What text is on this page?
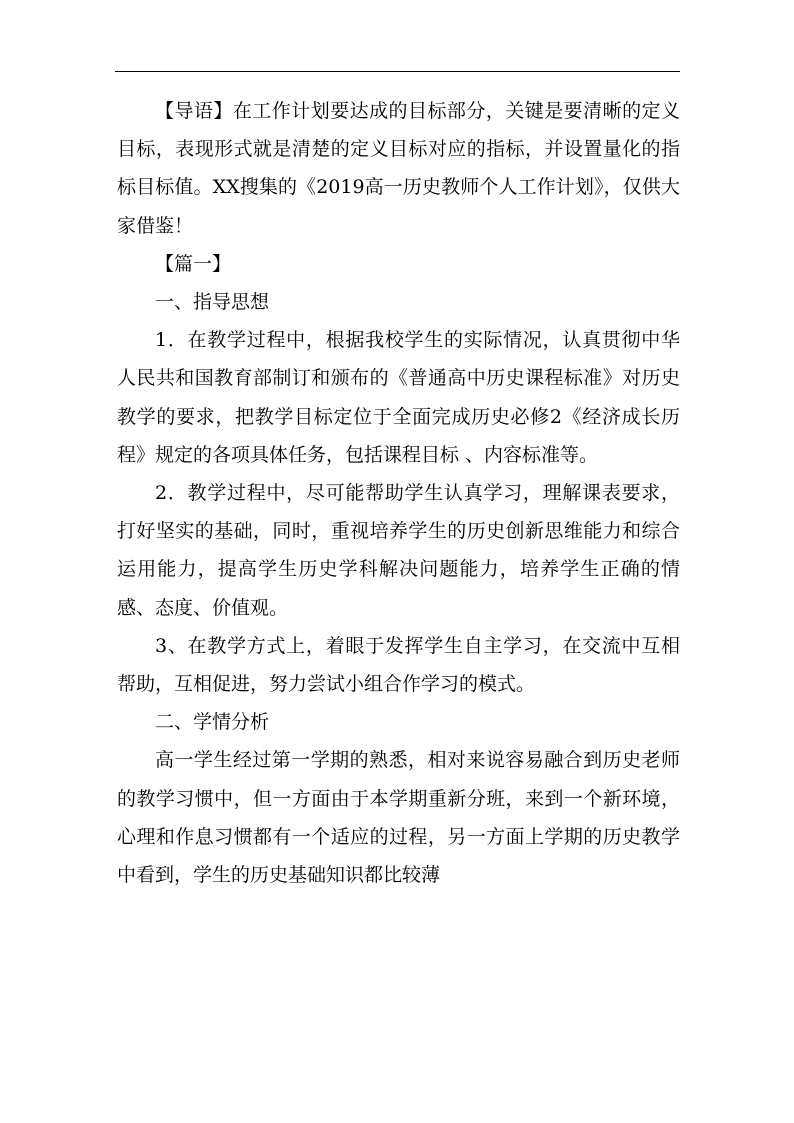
【导语】在工作计划要达成的目标部分，关键是要清晰的定义目标，表现形式就是清楚的定义目标对应的指标，并设置量化的指标目标值。XX搜集的《2019高一历史教师个人工作计划》，仅供大家借鉴！

【篇一】

一、指导思想

1．在教学过程中，根据我校学生的实际情况，认真贯彻中华人民共和国教育部制订和颁布的《普通高中历史课程标准》对历史教学的要求，把教学目标定位于全面完成历史必修2《经济成长历程》规定的各项具体任务，包括课程目标 、内容标准等。

2．教学过程中，尽可能帮助学生认真学习，理解课表要求，打好坚实的基础，同时，重视培养学生的历史创新思维能力和综合运用能力，提高学生历史学科解决问题能力，培养学生正确的情感、态度、价值观。

3、在教学方式上，着眼于发挥学生自主学习，在交流中互相帮助，互相促进，努力尝试小组合作学习的模式。

二、学情分析

高一学生经过第一学期的熟悉，相对来说容易融合到历史老师的教学习惯中，但一方面由于本学期重新分班，来到一个新环境，心理和作息习惯都有一个适应的过程，另一方面上学期的历史教学中看到，学生的历史基础知识都比较薄
